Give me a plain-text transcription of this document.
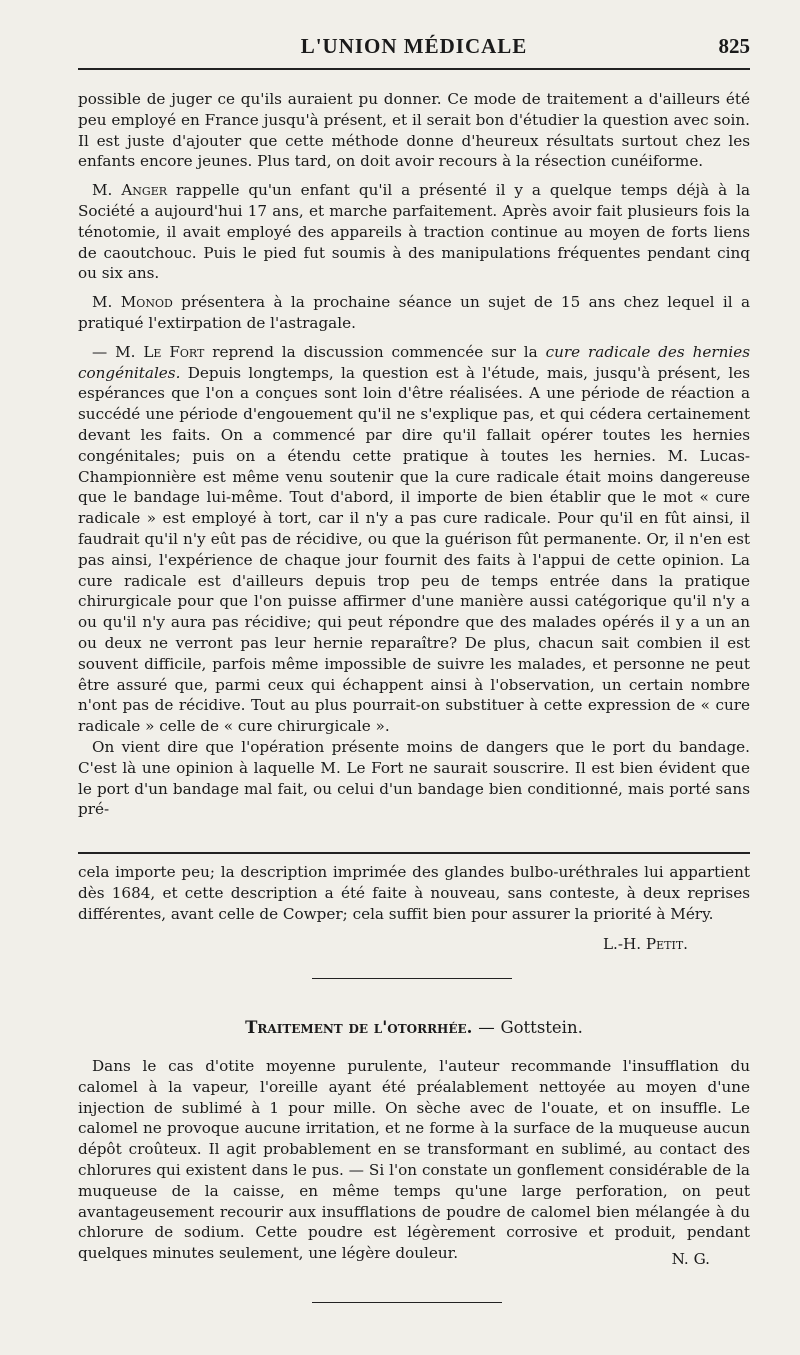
L'UNION MÉDICALE	825

possible de juger ce qu'ils auraient pu donner. Ce mode de traitement a d'ailleurs été peu employé en France jusqu'à présent, et il serait bon d'étudier la question avec soin. Il est juste d'ajouter que cette méthode donne d'heureux résultats surtout chez les enfants encore jeunes. Plus tard, on doit avoir recours à la résection cunéiforme.

M. Anger rappelle qu'un enfant qu'il a présenté il y a quelque temps déjà à la Société a aujourd'hui 17 ans, et marche parfaitement. Après avoir fait plusieurs fois la ténotomie, il avait employé des appareils à traction continue au moyen de forts liens de caoutchouc. Puis le pied fut soumis à des manipulations fréquentes pendant cinq ou six ans.

M. Monod présentera à la prochaine séance un sujet de 15 ans chez lequel il a pratiqué l'extirpation de l'astragale.

— M. Le Fort reprend la discussion commencée sur la cure radicale des hernies congénitales. Depuis longtemps, la question est à l'étude, mais, jusqu'à présent, les espérances que l'on a conçues sont loin d'être réalisées. A une période de réaction a succédé une période d'engouement qu'il ne s'explique pas, et qui cédera certainement devant les faits. On a commencé par dire qu'il fallait opérer toutes les hernies congénitales; puis on a étendu cette pratique à toutes les hernies. M. Lucas-Championnière est même venu soutenir que la cure radicale était moins dangereuse que le bandage lui-même. Tout d'abord, il importe de bien établir que le mot « cure radicale » est employé à tort, car il n'y a pas cure radicale. Pour qu'il en fût ainsi, il faudrait qu'il n'y eût pas de récidive, ou que la guérison fût permanente. Or, il n'en est pas ainsi, l'expérience de chaque jour fournit des faits à l'appui de cette opinion. La cure radicale est d'ailleurs depuis trop peu de temps entrée dans la pratique chirurgicale pour que l'on puisse affirmer d'une manière aussi catégorique qu'il n'y a ou qu'il n'y aura pas récidive; qui peut répondre que des malades opérés il y a un an ou deux ne verront pas leur hernie reparaître? De plus, chacun sait combien il est souvent difficile, parfois même impossible de suivre les malades, et personne ne peut être assuré que, parmi ceux qui échappent ainsi à l'observation, un certain nombre n'ont pas de récidive. Tout au plus pourrait-on substituer à cette expression de « cure radicale » celle de « cure chirurgicale ».

On vient dire que l'opération présente moins de dangers que le port du bandage. C'est là une opinion à laquelle M. Le Fort ne saurait souscrire. Il est bien évident que le port d'un bandage mal fait, ou celui d'un bandage bien conditionné, mais porté sans pré-

cela importe peu; la description imprimée des glandes bulbo-uréthrales lui appartient dès 1684, et cette description a été faite à nouveau, sans conteste, à deux reprises différentes, avant celle de Cowper; cela suffit bien pour assurer la priorité à Méry.

L.-H. Petit.
Traitement de l'otorrhée. — Gottstein.

Dans le cas d'otite moyenne purulente, l'auteur recommande l'insufflation du calomel à la vapeur, l'oreille ayant été préalablement nettoyée au moyen d'une injection de sublimé à 1 pour mille. On sèche avec de l'ouate, et on insuffle. Le calomel ne provoque aucune irritation, et ne forme à la surface de la muqueuse aucun dépôt croûteux. Il agit probablement en se transformant en sublimé, au contact des chlorures qui existent dans le pus. — Si l'on constate un gonflement considérable de la muqueuse de la caisse, en même temps qu'une large perforation, on peut avantageusement recourir aux insufflations de poudre de calomel bien mélangée à du chlorure de sodium. Cette poudre est légèrement corrosive et produit, pendant quelques minutes seulement, une légère douleur.	N. G.
